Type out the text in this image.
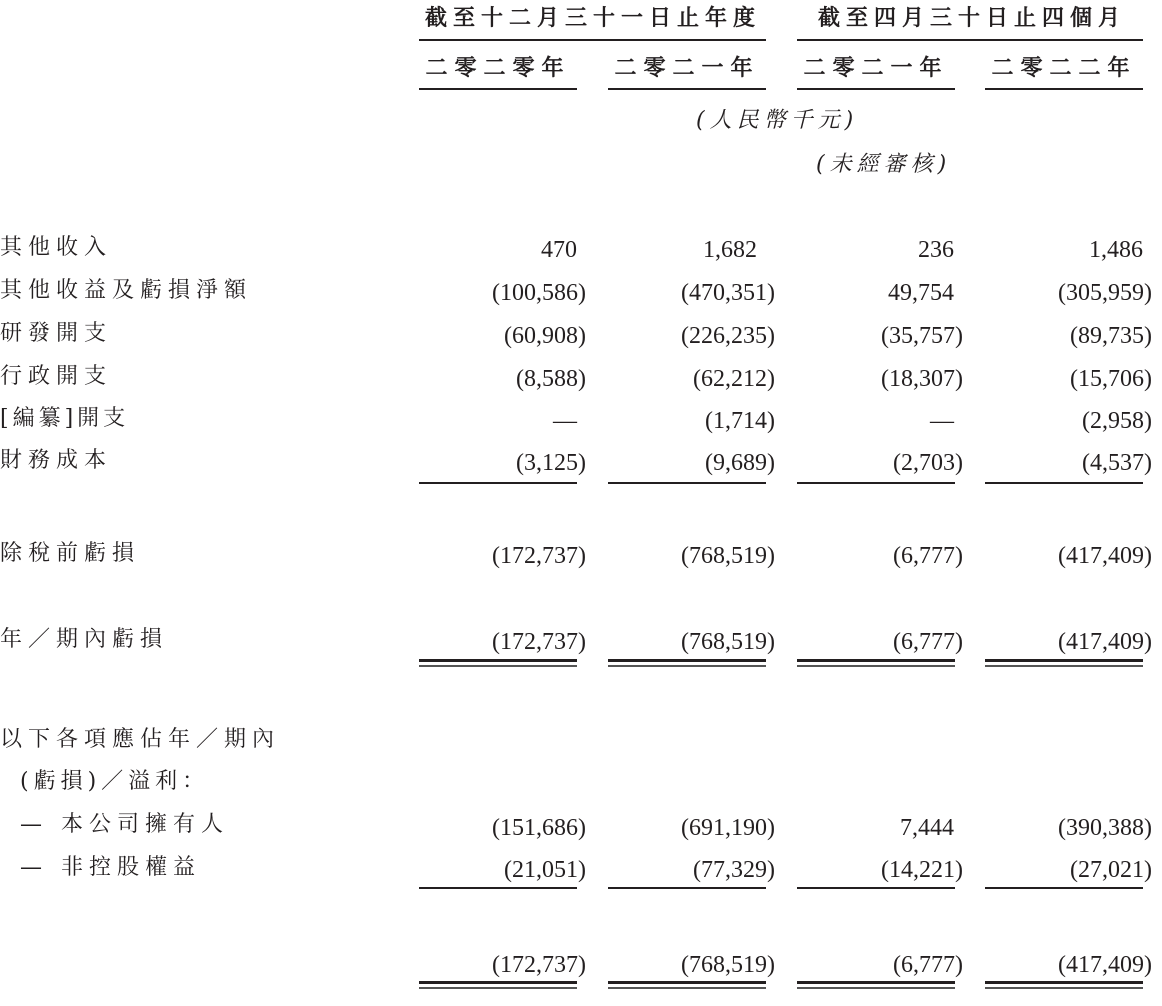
截至十二月三十一日止年度	截至四月三十日止四個月
二零二零年 二零二一年 二零二一年 二零二二年
(人民幣千元)
(未經審核)
其他收入	470	1,682	236	1,486
其他收益及虧損淨額	(100,586)	(470,351)	49,754	(305,959)
研發開支	(60,908)	(226,235)	(35,757)	(89,735)
行政開支	(8,588)	(62,212)	(18,307)	(15,706)
[編纂]開支	—	(1,714)	—	(2,958)
財務成本	(3,125)	(9,689)	(2,703)	(4,537)
除稅前虧損	(172,737)	(768,519)	(6,777)	(417,409)
年／期內虧損	(172,737)	(768,519)	(6,777)	(417,409)
以下各項應佔年／期內
(虧損)／溢利：
— 本公司擁有人	(151,686)	(691,190)	7,444	(390,388)
— 非控股權益	(21,051)	(77,329)	(14,221)	(27,021)
(172,737)	(768,519)	(6,777)	(417,409)
